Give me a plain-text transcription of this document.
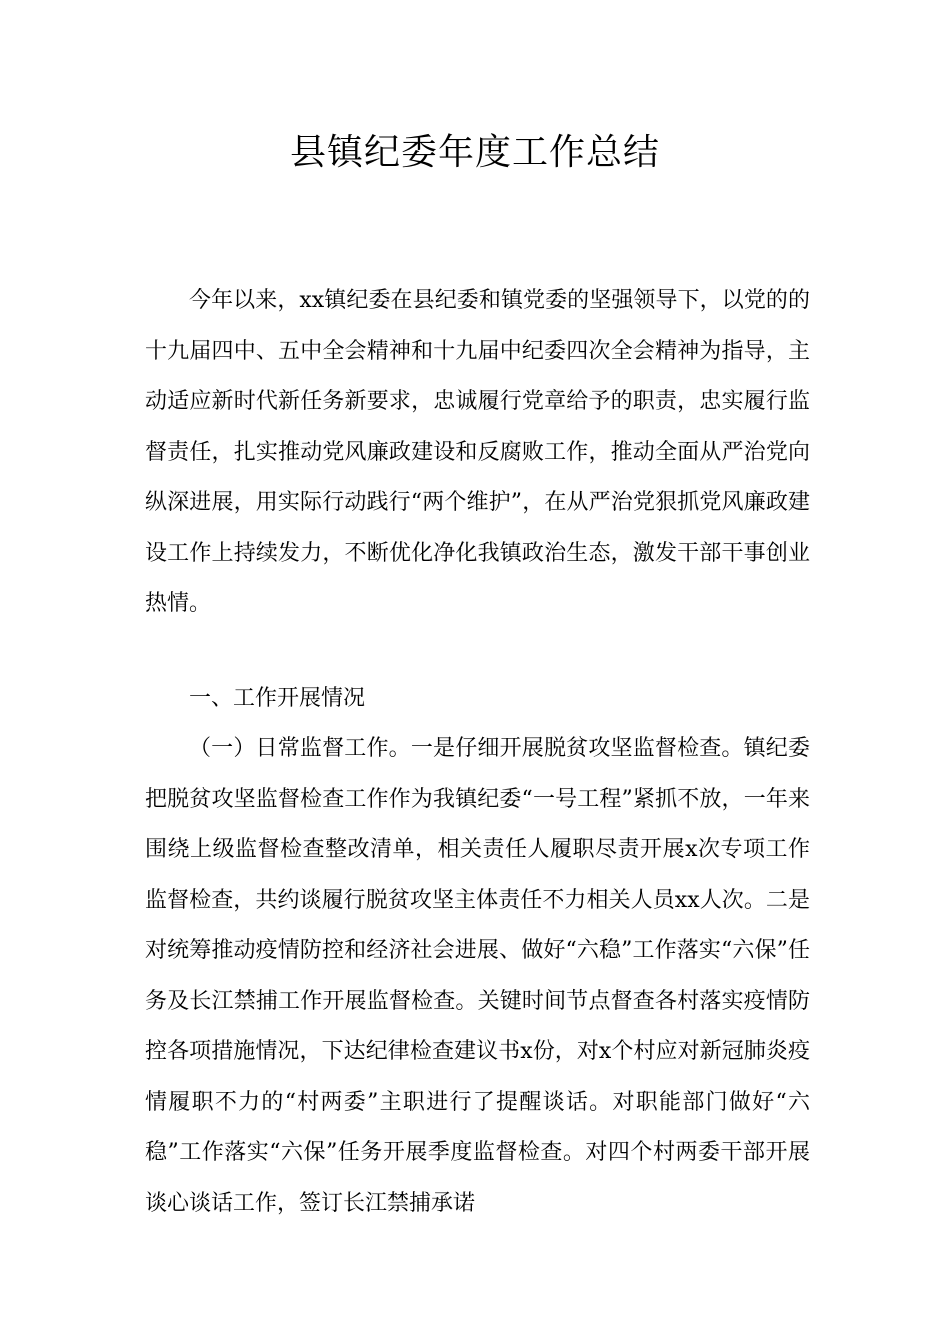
县镇纪委年度工作总结

今年以来，xx镇纪委在县纪委和镇党委的坚强领导下，以党的的十九届四中、五中全会精神和十九届中纪委四次全会精神为指导，主动适应新时代新任务新要求，忠诚履行党章给予的职责，忠实履行监督责任，扎实推动党风廉政建设和反腐败工作，推动全面从严治党向纵深进展，用实际行动践行“两个维护”，在从严治党狠抓党风廉政建设工作上持续发力，不断优化净化我镇政治生态，激发干部干事创业热情。

一、工作开展情况

（一）日常监督工作。一是仔细开展脱贫攻坚监督检查。镇纪委把脱贫攻坚监督检查工作作为我镇纪委“一号工程”紧抓不放，一年来围绕上级监督检查整改清单，相关责任人履职尽责开展x次专项工作监督检查，共约谈履行脱贫攻坚主体责任不力相关人员xx人次。二是对统筹推动疫情防控和经济社会进展、做好“六稳”工作落实“六保”任务及长江禁捕工作开展监督检查。关键时间节点督查各村落实疫情防控各项措施情况，下达纪律检查建议书x份，对x个村应对新冠肺炎疫情履职不力的“村两委”主职进行了提醒谈话。对职能部门做好“六稳”工作落实“六保”任务开展季度监督检查。对四个村两委干部开展谈心谈话工作，签订长江禁捕承诺
